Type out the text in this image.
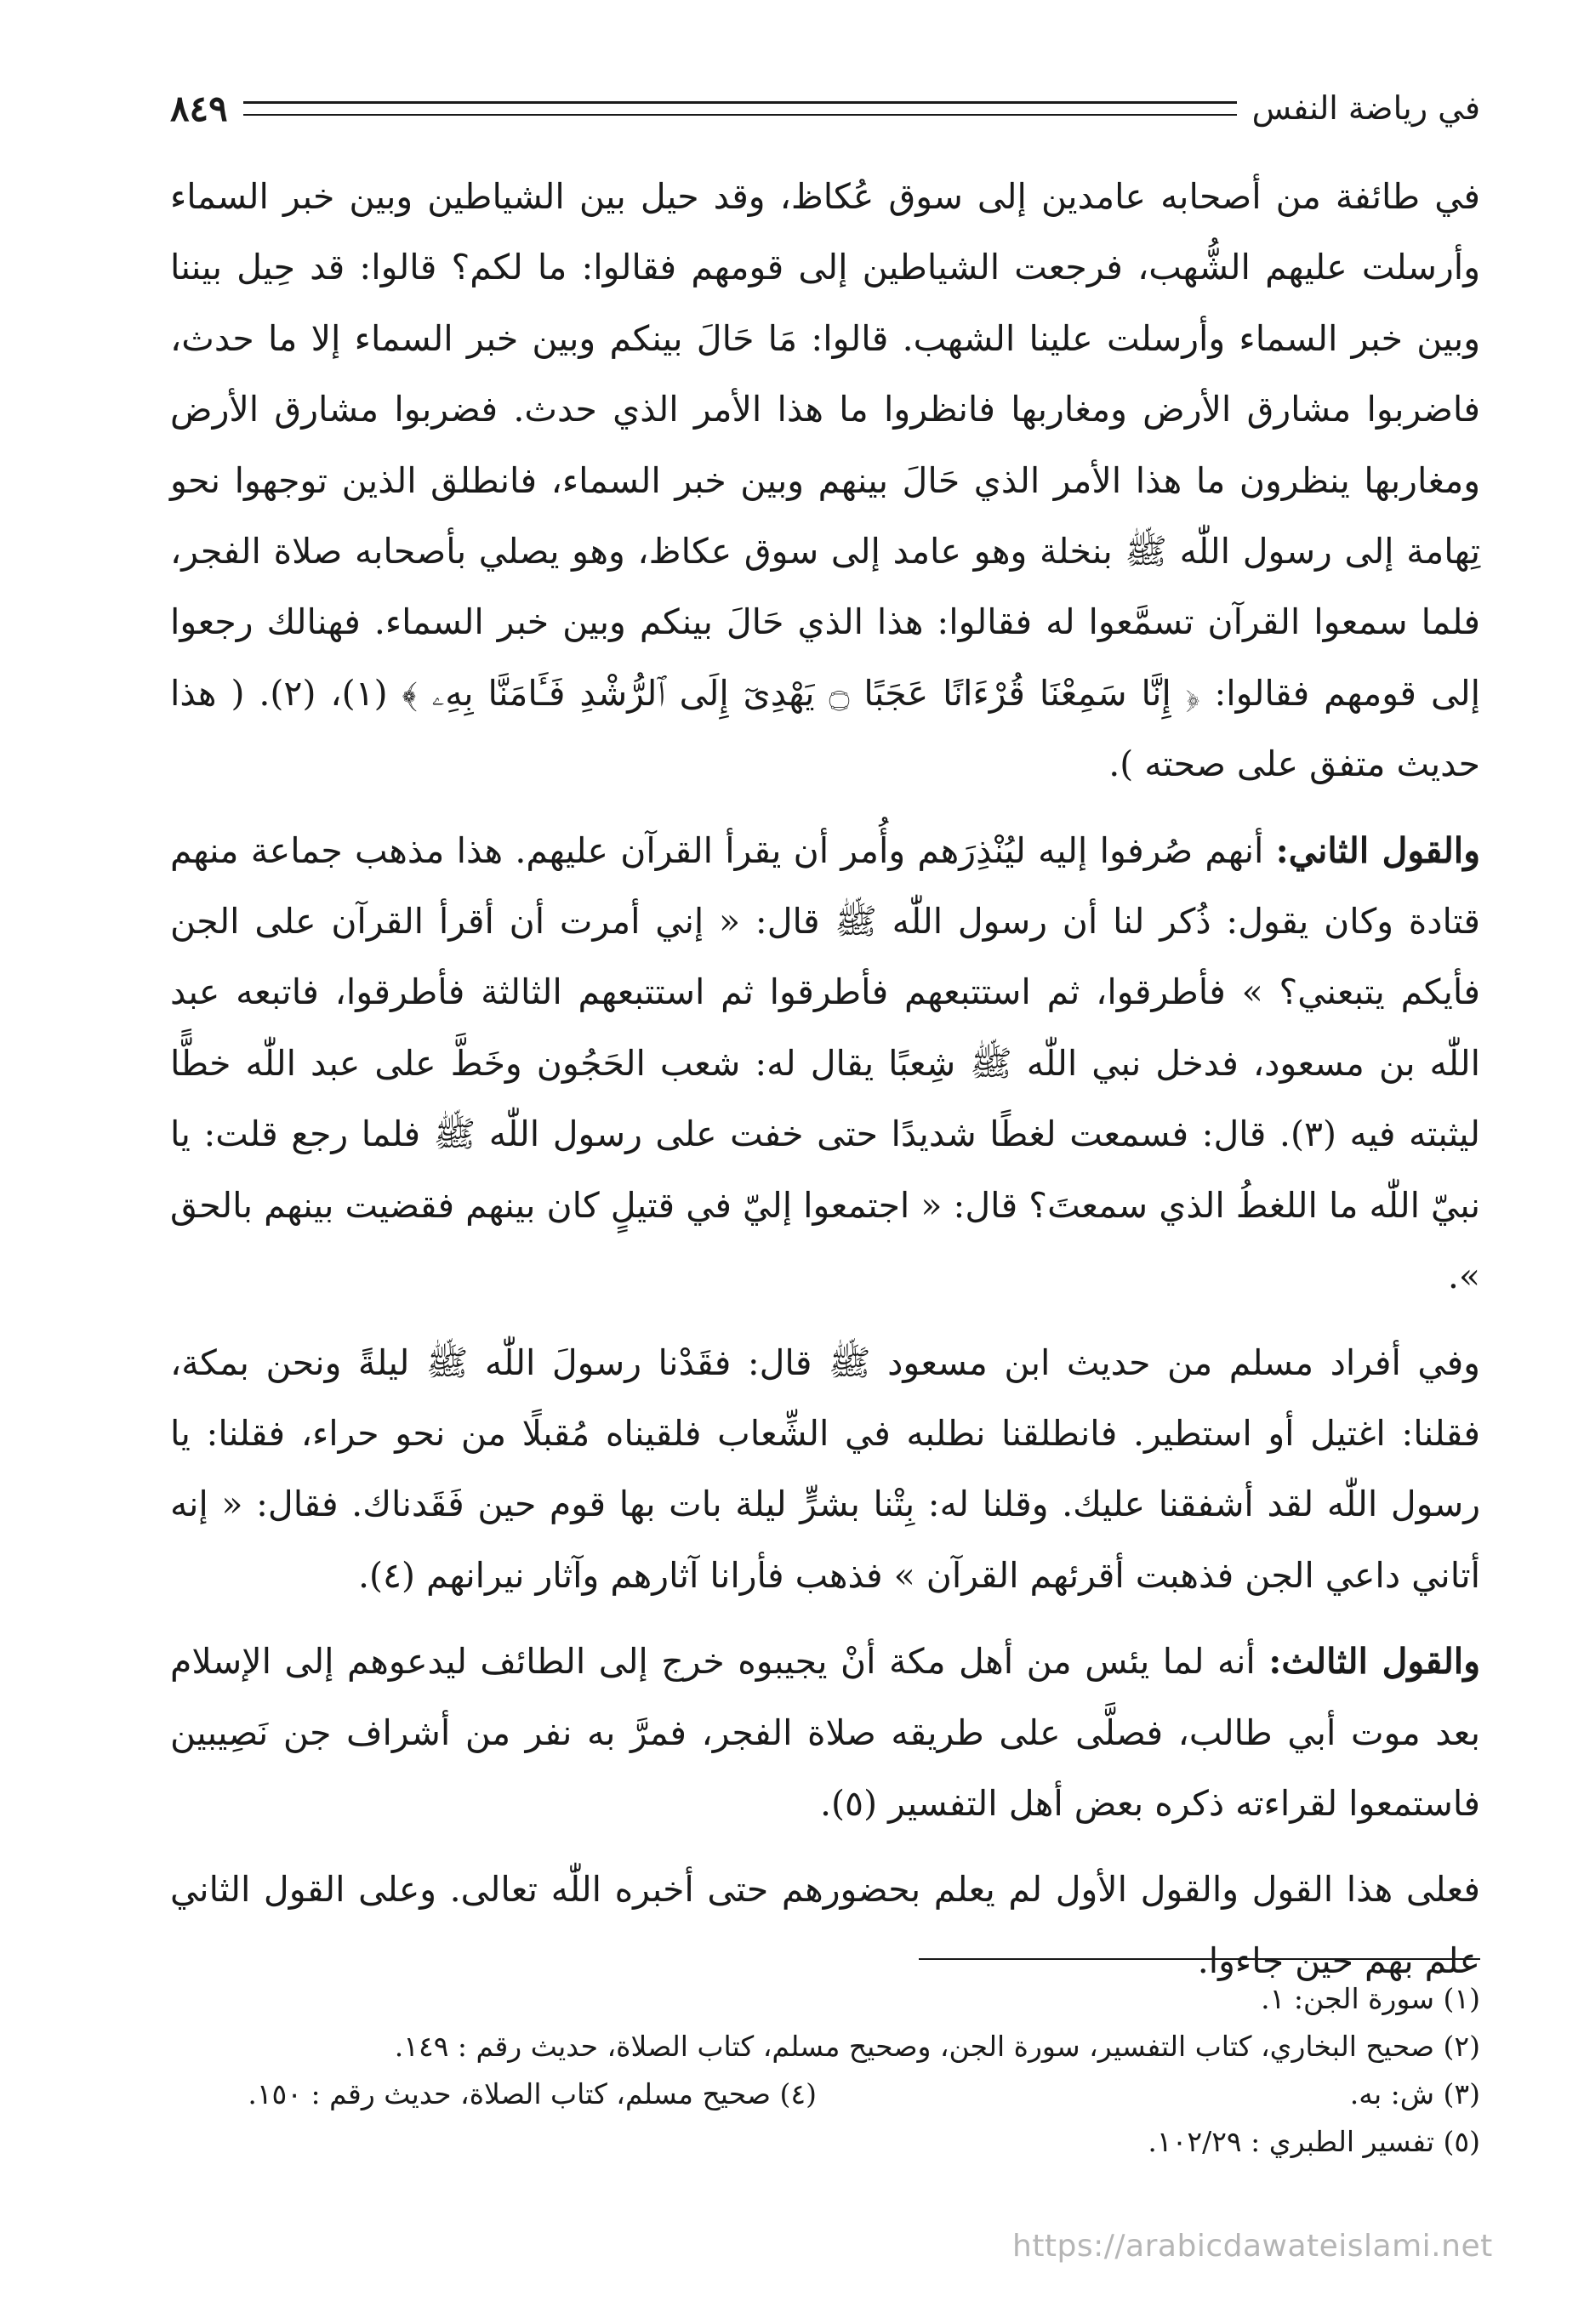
في رياضة النفس
٨٤٩

في طائفة من أصحابه عامدين إلى سوق عُكاظ، وقد حيل بين الشياطين وبين خبر السماء وأرسلت عليهم الشُّهب، فرجعت الشياطين إلى قومهم فقالوا: ما لكم؟ قالوا: قد حِيل بيننا وبين خبر السماء وأرسلت علينا الشهب. قالوا: مَا حَالَ بينكم وبين خبر السماء إلا ما حدث، فاضربوا مشارق الأرض ومغاربها فانظروا ما هذا الأمر الذي حدث. فضربوا مشارق الأرض ومغاربها ينظرون ما هذا الأمر الذي حَالَ بينهم وبين خبر السماء، فانطلق الذين توجهوا نحو تِهامة إلى رسول اللّٰه ﷺ بنخلة وهو عامد إلى سوق عكاظ، وهو يصلي بأصحابه صلاة الفجر، فلما سمعوا القرآن تسمَّعوا له فقالوا: هذا الذي حَالَ بينكم وبين خبر السماء. فهنالك رجعوا إلى قومهم فقالوا: ﴿ إِنَّا سَمِعْنَا قُرْءَانًا عَجَبًا ۝ يَهْدِىٓ إِلَى ٱلرُّشْدِ فَـَٔامَنَّا بِهِۦ ﴾ (١)، (٢). ( هذا حديث متفق على صحته ).

والقول الثاني: أنهم صُرفوا إليه ليُنْذِرَهم وأُمر أن يقرأ القرآن عليهم. هذا مذهب جماعة منهم قتادة وكان يقول: ذُكر لنا أن رسول اللّٰه ﷺ قال: « إني أمرت أن أقرأ القرآن على الجن فأيكم يتبعني؟ » فأطرقوا، ثم استتبعهم فأطرقوا ثم استتبعهم الثالثة فأطرقوا، فاتبعه عبد اللّٰه بن مسعود، فدخل نبي اللّٰه ﷺ شِعبًا يقال له: شعب الحَجُون وخَطَّ على عبد اللّٰه خطًّا ليثبته فيه (٣). قال: فسمعت لغطًا شديدًا حتى خفت على رسول اللّٰه ﷺ فلما رجع قلت: يا نبيّ اللّٰه ما اللغطُ الذي سمعتَ؟ قال: « اجتمعوا إليّ في قتيلٍ كان بينهم فقضيت بينهم بالحق ».

وفي أفراد مسلم من حديث ابن مسعود ﷺ قال: فقَدْنا رسولَ اللّٰه ﷺ ليلةً ونحن بمكة، فقلنا: اغتيل أو استطير. فانطلقنا نطلبه في الشِّعاب فلقيناه مُقبلًا من نحو حراء، فقلنا: يا رسول اللّٰه لقد أشفقنا عليك. وقلنا له: بِتْنا بشرٍّ ليلة بات بها قوم حين فَقَدناك. فقال: « إنه أتاني داعي الجن فذهبت أقرئهم القرآن » فذهب فأرانا آثارهم وآثار نيرانهم (٤).

والقول الثالث: أنه لما يئس من أهل مكة أنْ يجيبوه خرج إلى الطائف ليدعوهم إلى الإسلام بعد موت أبي طالب، فصلَّى على طريقه صلاة الفجر، فمرَّ به نفر من أشراف جن نَصِيبين فاستمعوا لقراءته ذكره بعض أهل التفسير (٥).

فعلى هذا القول والقول الأول لم يعلم بحضورهم حتى أخبره اللّٰه تعالى. وعلى القول الثاني علم بهم حين جاءوا.

(١) سورة الجن: ١.
(٢) صحيح البخاري، كتاب التفسير، سورة الجن، وصحيح مسلم، كتاب الصلاة، حديث رقم : ١٤٩.
(٣) ش: به.
(٤) صحيح مسلم، كتاب الصلاة، حديث رقم : ١٥٠.
(٥) تفسير الطبري : ١٠٢/٢٩.
https://arabicdawateislami.net
